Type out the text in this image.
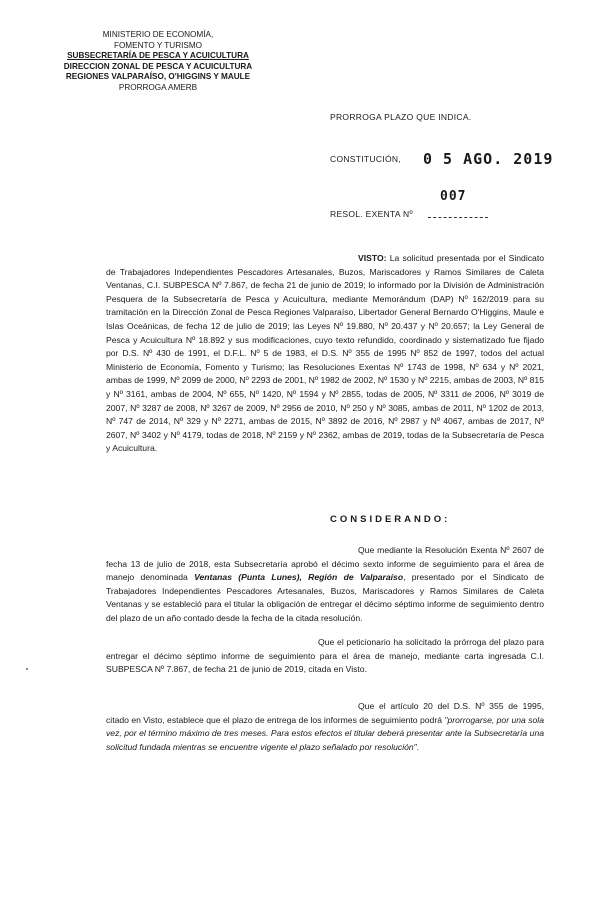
MINISTERIO DE ECONOMÍA,
FOMENTO Y TURISMO
SUBSECRETARÍA DE PESCA Y ACUICULTURA
DIRECCION ZONAL DE PESCA Y ACUICULTURA
REGIONES VALPARAÍSO, O'HIGGINS Y MAULE
PRORROGA AMERB
PRORROGA PLAZO QUE INDICA.
CONSTITUCIÓN, 0 5 AGO. 2019
007
RESOL. EXENTA Nº
VISTO: La solicitud presentada por el Sindicato de Trabajadores Independientes Pescadores Artesanales, Buzos, Mariscadores y Ramos Similares de Caleta Ventanas, C.I. SUBPESCA Nº 7.867, de fecha 21 de junio de 2019; lo informado por la División de Administración Pesquera de la Subsecretaría de Pesca y Acuicultura, mediante Memorándum (DAP) Nº 162/2019 para su tramitación en la Dirección Zonal de Pesca Regiones Valparaíso, Libertador General Bernardo O'Higgins, Maule e Islas Oceánicas, de fecha 12 de julio de 2019; las Leyes Nº 19.880, Nº 20.437 y Nº 20.657; la Ley General de Pesca y Acuicultura Nº 18.892 y sus modificaciones, cuyo texto refundido, coordinado y sistematizado fue fijado por D.S. Nº 430 de 1991, el D.F.L. Nº 5 de 1983, el D.S. Nº 355 de 1995 Nº 852 de 1997, todos del actual Ministerio de Economía, Fomento y Turismo; las Resoluciones Exentas Nº 1743 de 1998, Nº 634 y Nº 2021, ambas de 1999, Nº 2099 de 2000, Nº 2293 de 2001, Nº 1982 de 2002, Nº 1530 y Nº 2215, ambas de 2003, Nº 815 y Nº 3161, ambas de 2004, Nº 655, Nº 1420, Nº 1594 y Nº 2855, todas de 2005, Nº 3311 de 2006, Nº 3019 de 2007, Nº 3287 de 2008, Nº 3267 de 2009, Nº 2956 de 2010, Nº 250 y Nº 3085, ambas de 2011, Nº 1202 de 2013, Nº 747 de 2014, Nº 329 y Nº 2271, ambas de 2015, Nº 3892 de 2016, Nº 2987 y Nº 4067, ambas de 2017, Nº 2607, Nº 3402 y Nº 4179, todas de 2018, Nº 2159 y Nº 2362, ambas de 2019, todas de la Subsecretaría de Pesca y Acuicultura.
CONSIDERANDO:
Que mediante la Resolución Exenta Nº 2607 de fecha 13 de julio de 2018, esta Subsecretaría aprobó el décimo sexto informe de seguimiento para el área de manejo denominada Ventanas (Punta Lunes), Región de Valparaíso, presentado por el Sindicato de Trabajadores Independientes Pescadores Artesanales, Buzos, Mariscadores y Ramos Similares de Caleta Ventanas y se estableció para el titular la obligación de entregar el décimo séptimo informe de seguimiento dentro del plazo de un año contado desde la fecha de la citada resolución.
Que el peticionario ha solicitado la prórroga del plazo para entregar el décimo séptimo informe de seguimiento para el área de manejo, mediante carta ingresada C.I. SUBPESCA Nº 7.867, de fecha 21 de junio de 2019, citada en Visto.
Que el artículo 20 del D.S. Nº 355 de 1995, citado en Visto, establece que el plazo de entrega de los informes de seguimiento podrá "prorrogarse, por una sola vez, por el término máximo de tres meses. Para estos efectos el titular deberá presentar ante la Subsecretaría una solicitud fundada mientras se encuentre vigente el plazo señalado por resolución".
